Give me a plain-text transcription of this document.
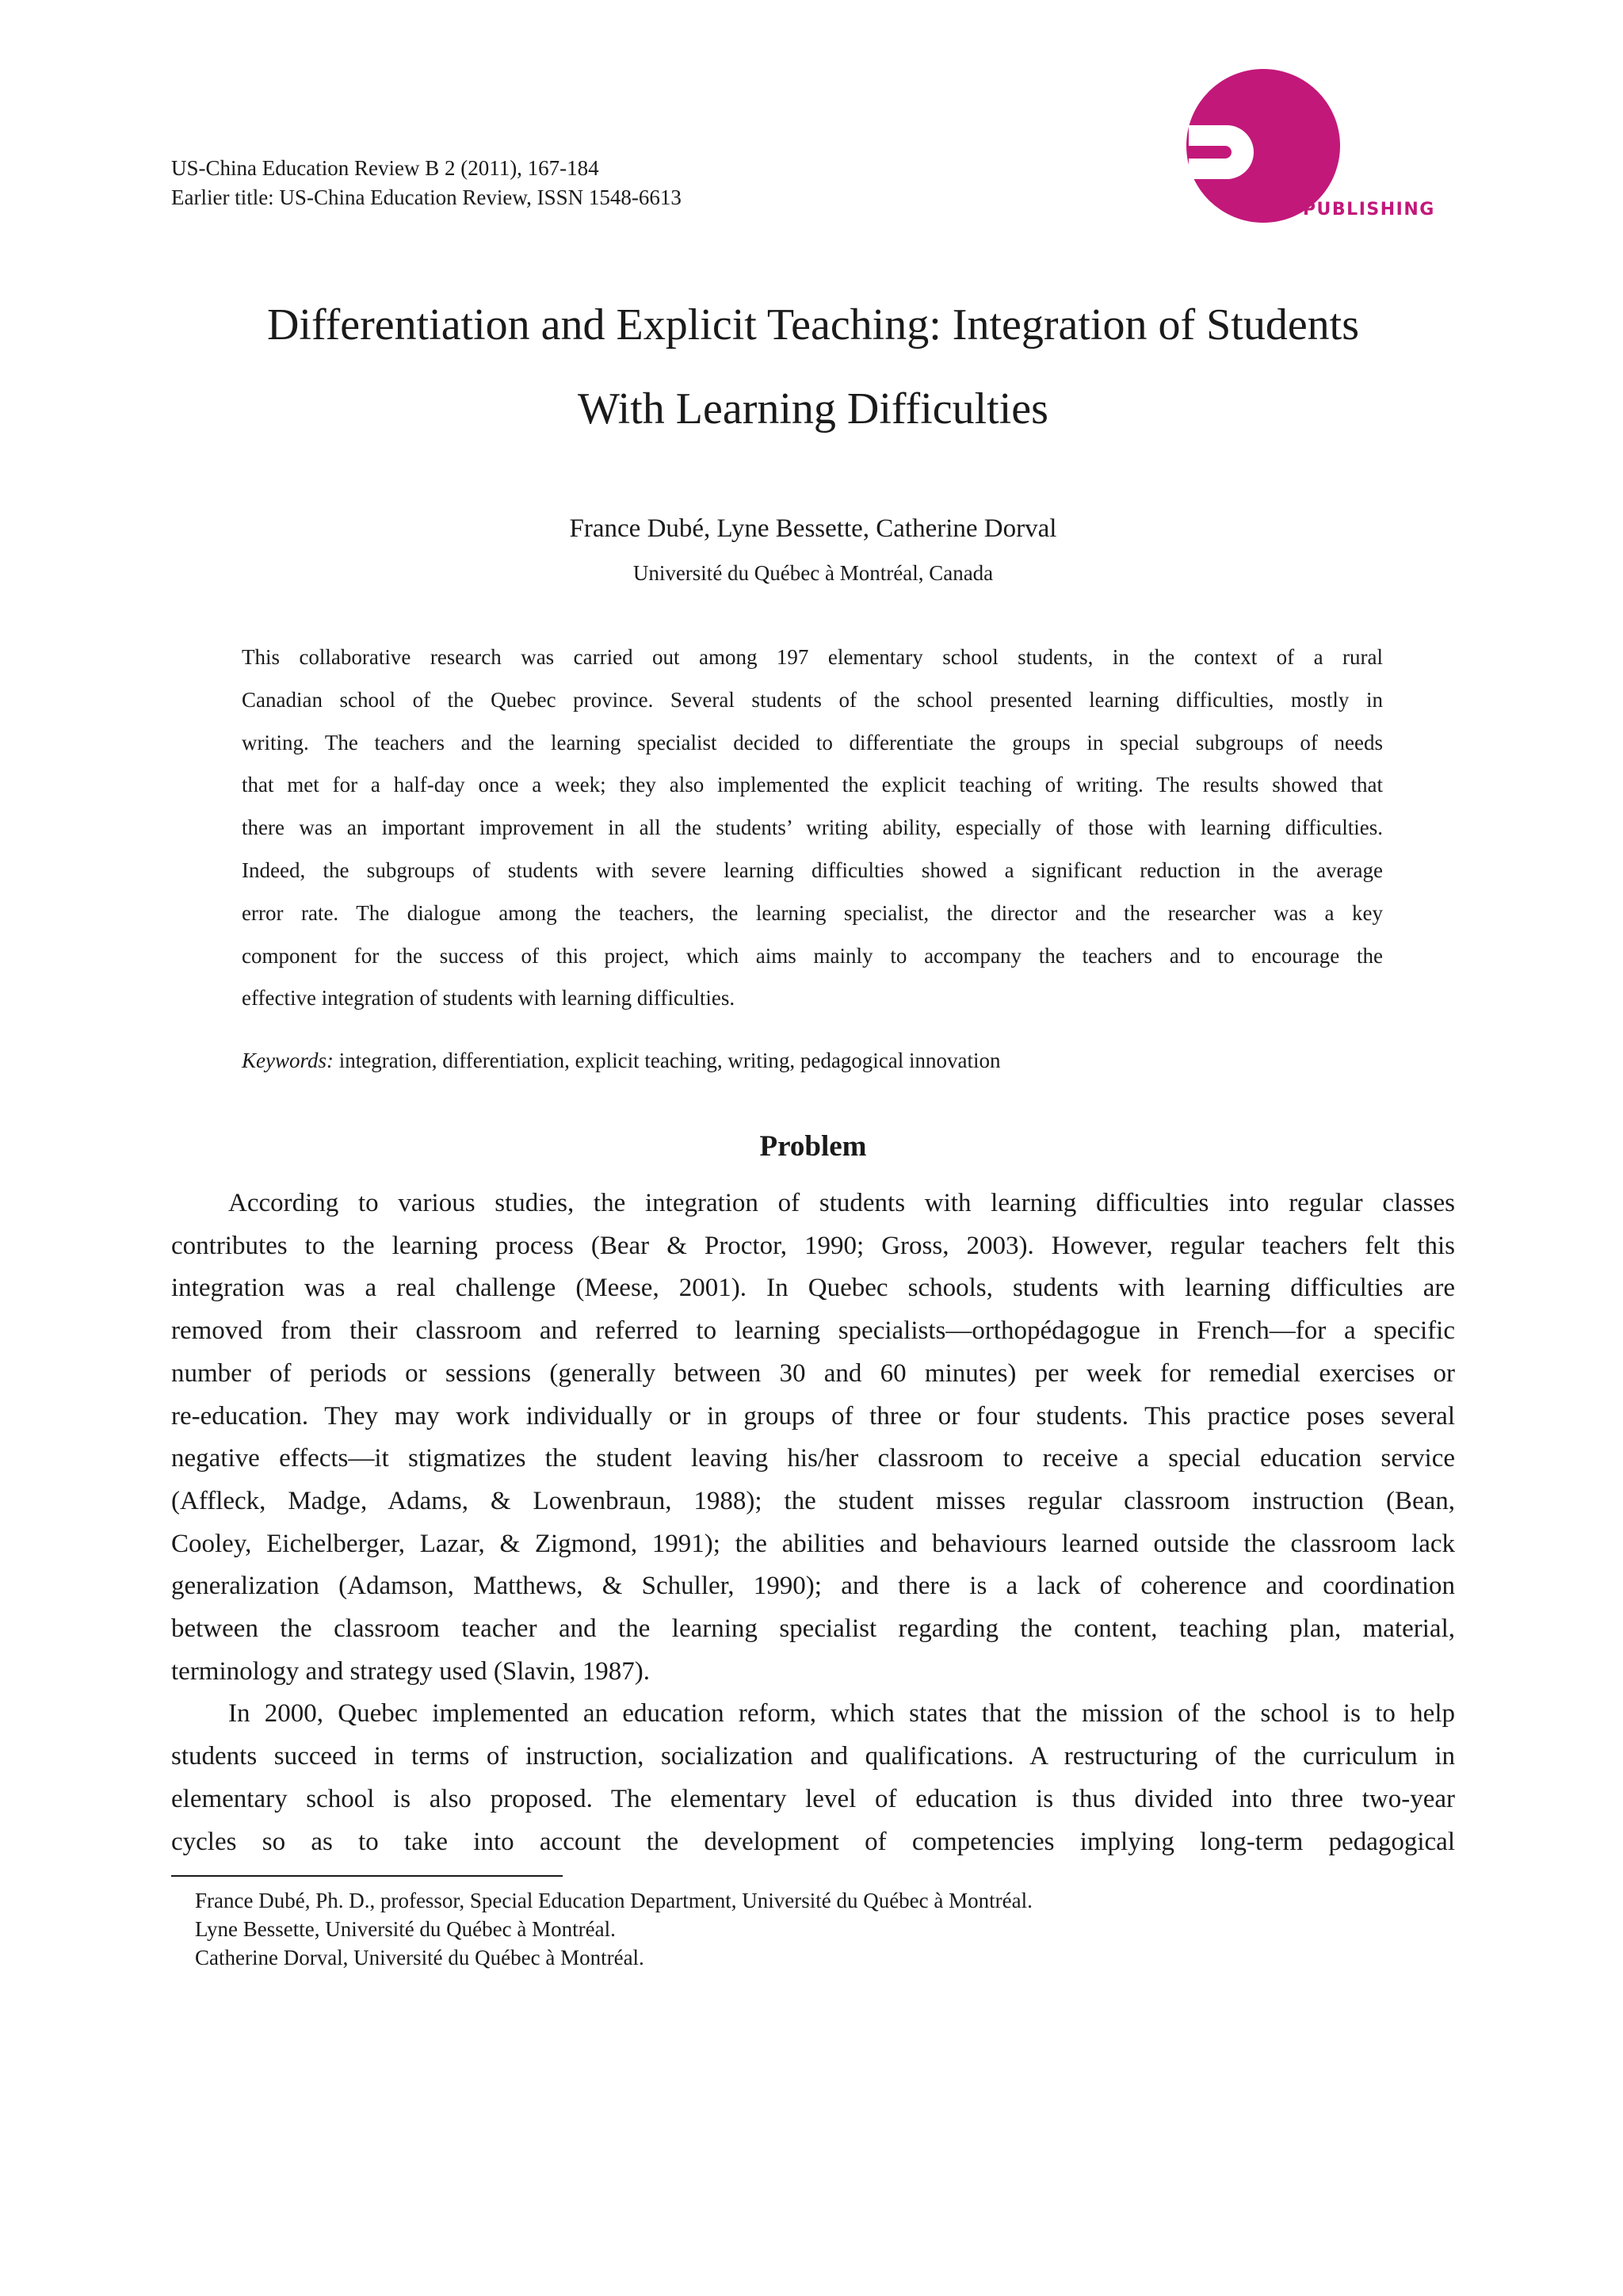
US-China Education Review B 2 (2011), 167-184
Earlier title: US-China Education Review, ISSN 1548-6613
DAVID PUBLISHING
Differentiation and Explicit Teaching: Integration of Students
With Learning Difficulties
France Dubé, Lyne Bessette, Catherine Dorval
Université du Québec à Montréal, Canada
This collaborative research was carried out among 197 elementary school students, in the context of a rural
Canadian school of the Quebec province. Several students of the school presented learning difficulties, mostly in
writing. The teachers and the learning specialist decided to differentiate the groups in special subgroups of needs
that met for a half-day once a week; they also implemented the explicit teaching of writing. The results showed that
there was an important improvement in all the students’ writing ability, especially of those with learning difficulties.
Indeed, the subgroups of students with severe learning difficulties showed a significant reduction in the average
error rate. The dialogue among the teachers, the learning specialist, the director and the researcher was a key
component for the success of this project, which aims mainly to accompany the teachers and to encourage the
effective integration of students with learning difficulties.
Keywords: integration, differentiation, explicit teaching, writing, pedagogical innovation
Problem
According to various studies, the integration of students with learning difficulties into regular classes
contributes to the learning process (Bear & Proctor, 1990; Gross, 2003). However, regular teachers felt this
integration was a real challenge (Meese, 2001). In Quebec schools, students with learning difficulties are
removed from their classroom and referred to learning specialists—orthopédagogue in French—for a specific
number of periods or sessions (generally between 30 and 60 minutes) per week for remedial exercises or
re-education. They may work individually or in groups of three or four students. This practice poses several
negative effects—it stigmatizes the student leaving his/her classroom to receive a special education service
(Affleck, Madge, Adams, & Lowenbraun, 1988); the student misses regular classroom instruction (Bean,
Cooley, Eichelberger, Lazar, & Zigmond, 1991); the abilities and behaviours learned outside the classroom lack
generalization (Adamson, Matthews, & Schuller, 1990); and there is a lack of coherence and coordination
between the classroom teacher and the learning specialist regarding the content, teaching plan, material,
terminology and strategy used (Slavin, 1987).
In 2000, Quebec implemented an education reform, which states that the mission of the school is to help
students succeed in terms of instruction, socialization and qualifications. A restructuring of the curriculum in
elementary school is also proposed. The elementary level of education is thus divided into three two-year
cycles so as to take into account the development of competencies implying long-term pedagogical
France Dubé, Ph. D., professor, Special Education Department, Université du Québec à Montréal.
Lyne Bessette, Université du Québec à Montréal.
Catherine Dorval, Université du Québec à Montréal.
